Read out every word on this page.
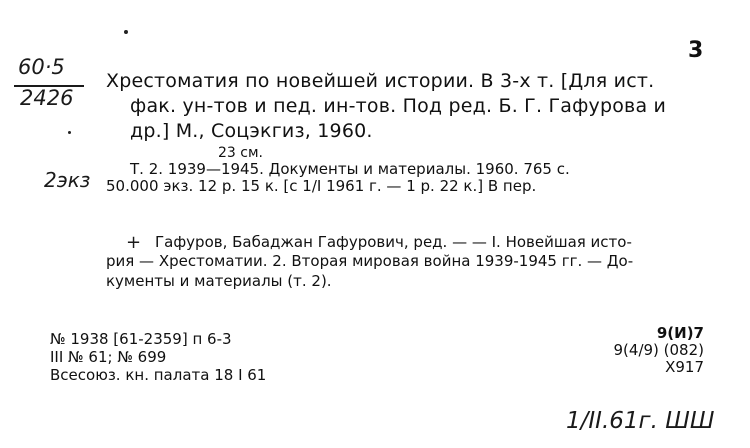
3
60·5
2426
Хрестоматия по новейшей истории. В 3-х т. [Для ист.
фак. ун-тов и пед. ин-тов. Под ред. Б. Г. Гафурова и
др.] М., Соцэкгиз, 1960.
23 см.
2экз	Т. 2. 1939—1945. Документы и материалы. 1960. 765 с.
50.000 экз. 12 р. 15 к. [с 1/I 1961 г. — 1 р. 22 к.] В пер.
+ Гафуров, Бабаджан Гафурович, ред. — — I. Новейшая исто-
рия — Хрестоматии. 2. Вторая мировая война 1939-1945 гг. — До-
кументы и материалы (т. 2).
№ 1938 [61-2359] п 6-3
III № 61; № 699
Всесоюз. кн. палата 18 I 61
9(И)7
9(4/9) (082)
Х917
1/II.61г. ШШ
